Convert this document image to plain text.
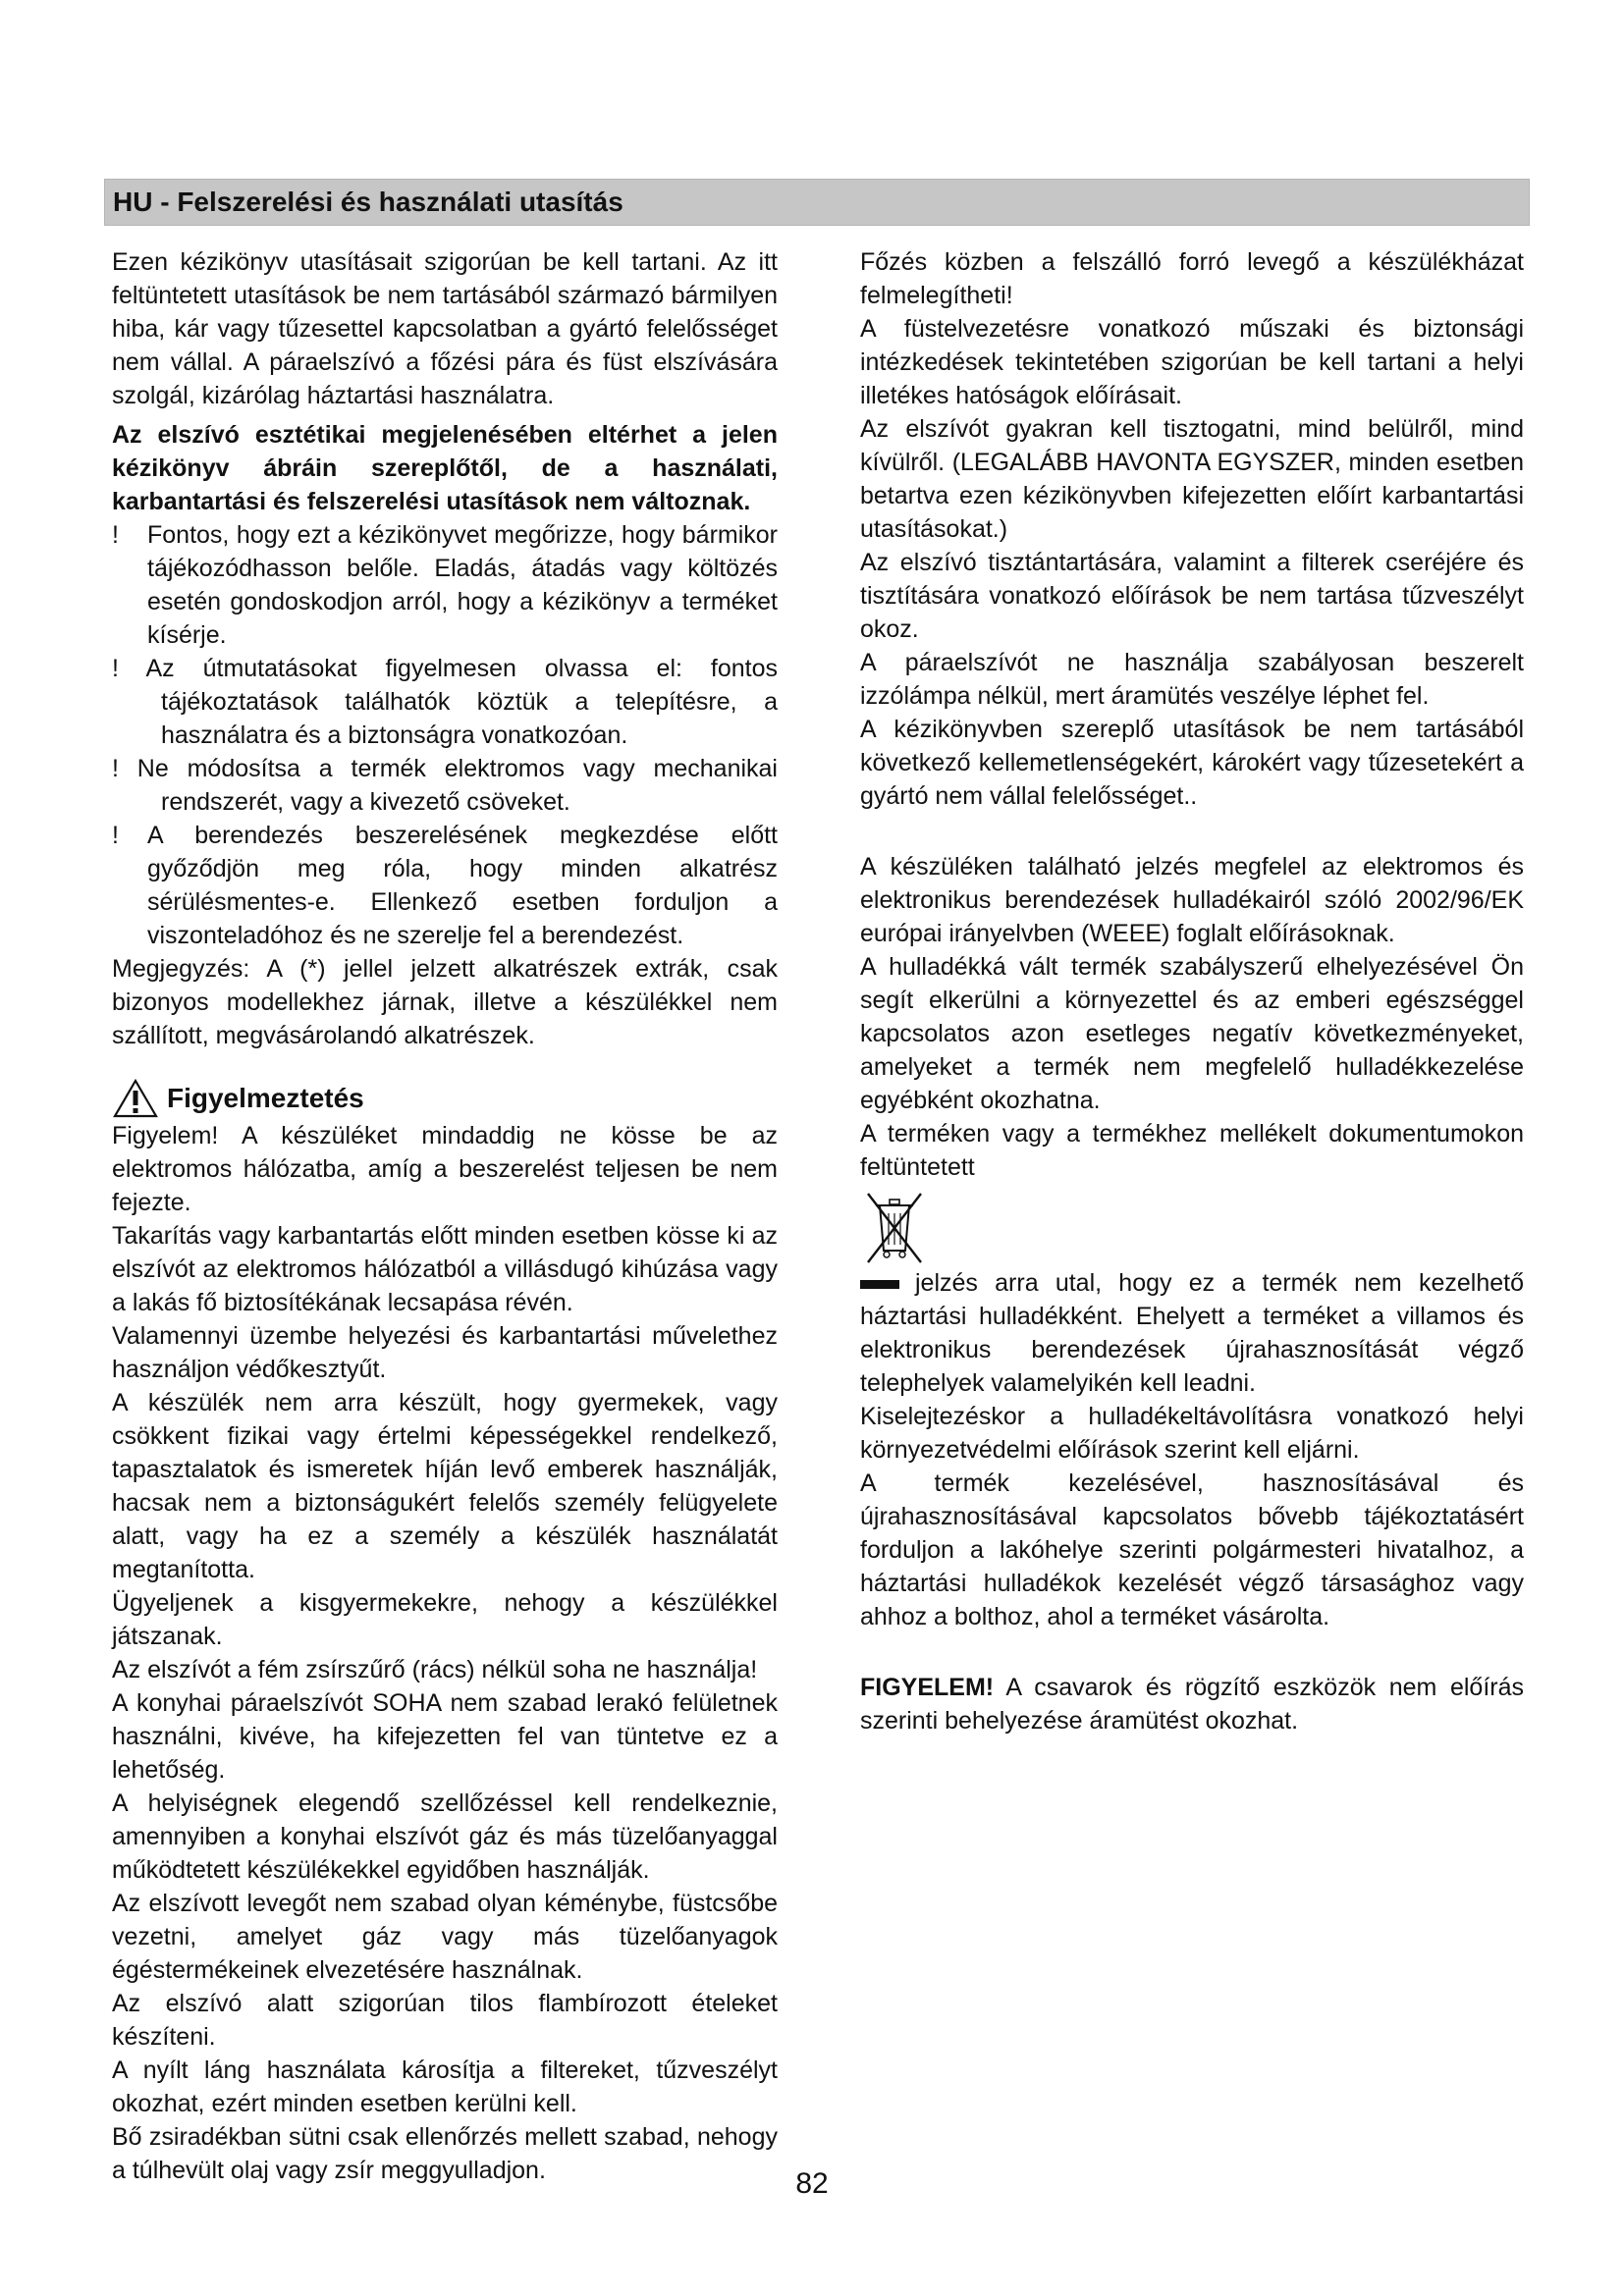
HU - Felszerelési és használati utasítás

Ezen kézikönyv utasításait szigorúan be kell tartani. Az itt feltüntetett utasítások be nem tartásából származó bármilyen hiba, kár vagy tűzesettel kapcsolatban a gyártó felelősséget nem vállal. A páraelszívó a főzési pára és füst elszívására szolgál, kizárólag háztartási használatra.

Az elszívó esztétikai megjelenésében eltérhet a jelen kézikönyv ábráin szereplőtől, de a használati, karbantartási és felszerelési utasítások nem változnak.

!	Fontos, hogy ezt a kézikönyvet megőrizze, hogy bármikor tájékozódhasson belőle. Eladás, átadás vagy költözés esetén gondoskodjon arról, hogy a kézikönyv a terméket kísérje.

! Az útmutatásokat figyelmesen olvassa el: fontos tájékoztatások találhatók köztük a telepítésre, a használatra és a biztonságra vonatkozóan.

! Ne módosítsa a termék elektromos vagy mechanikai rendszerét, vagy a kivezető csöveket.

!	A berendezés beszerelésének megkezdése előtt győződjön meg róla, hogy minden alkatrész sérülésmentes-e. Ellenkező esetben forduljon a viszonteladóhoz és ne szerelje fel a berendezést.

Megjegyzés: A (*) jellel jelzett alkatrészek extrák, csak bizonyos modellekhez járnak, illetve a készülékkel nem szállított, megvásárolandó alkatrészek.

Figyelmeztetés

Figyelem! A készüléket mindaddig ne kösse be az elektromos hálózatba, amíg a beszerelést teljesen be nem fejezte.

Takarítás vagy karbantartás előtt minden esetben kösse ki az elszívót az elektromos hálózatból a villásdugó kihúzása vagy a lakás fő biztosítékának lecsapása révén.

Valamennyi üzembe helyezési és karbantartási művelethez használjon védőkesztyűt.

A készülék nem arra készült, hogy gyermekek, vagy csökkent fizikai vagy értelmi képességekkel rendelkező, tapasztalatok és ismeretek híján levő emberek használják, hacsak nem a biztonságukért felelős személy felügyelete alatt, vagy ha ez a személy a készülék használatát megtanította.

Ügyeljenek a kisgyermekekre, nehogy a készülékkel játszanak.

Az elszívót a fém zsírszűrő (rács) nélkül soha ne használja!

A konyhai páraelszívót SOHA nem szabad lerakó felületnek használni, kivéve, ha kifejezetten fel van tüntetve ez a lehetőség.

A helyiségnek elegendő szellőzéssel kell rendelkeznie, amennyiben a konyhai elszívót gáz és más tüzelőanyaggal működtetett készülékekkel egyidőben használják.

Az elszívott levegőt nem szabad olyan kéménybe, füstcsőbe vezetni, amelyet gáz vagy más tüzelőanyagok égéstermékeinek elvezetésére használnak.

Az elszívó alatt szigorúan tilos flambírozott ételeket készíteni.

A nyílt láng használata károsítja a filtereket, tűzveszélyt okozhat, ezért minden esetben kerülni kell.

Bő zsiradékban sütni csak ellenőrzés mellett szabad, nehogy a túlhevült olaj vagy zsír meggyulladjon.

Főzés közben a felszálló forró levegő a készülékházat felmelegítheti!

A füstelvezetésre vonatkozó műszaki és biztonsági intézkedések tekintetében szigorúan be kell tartani a helyi illetékes hatóságok előírásait.

Az elszívót gyakran kell tisztogatni, mind belülről, mind kívülről. (LEGALÁBB HAVONTA EGYSZER, minden esetben betartva ezen kézikönyvben kifejezetten előírt karbantartási utasításokat.)

Az elszívó tisztántartására, valamint a filterek cseréjére és tisztítására vonatkozó előírások be nem tartása tűzveszélyt okoz.

A páraelszívót ne használja szabályosan beszerelt izzólámpa nélkül, mert áramütés veszélye léphet fel.

A kézikönyvben szereplő utasítások be nem tartásából következő kellemetlenségekért, károkért vagy tűzesetekért a gyártó nem vállal felelősséget..

A készüléken található jelzés megfelel az elektromos és elektronikus berendezések hulladékairól szóló 2002/96/EK európai irányelvben (WEEE) foglalt előírásoknak.

A hulladékká vált termék szabályszerű elhelyezésével Ön segít elkerülni a környezettel és az emberi egészséggel kapcsolatos azon esetleges negatív következményeket, amelyeket a termék nem megfelelő hulladékkezelése egyébként okozhatna.

A terméken vagy a termékhez mellékelt dokumentumokon feltüntetett

jelzés arra utal, hogy ez a termék nem kezelhető háztartási hulladékként. Ehelyett a terméket a villamos és elektronikus berendezések újrahasznosítását végző telephelyek valamelyikén kell leadni.

Kiselejtezéskor a hulladékeltávolításra vonatkozó helyi környezetvédelmi előírások szerint kell eljárni.

A termék kezelésével, hasznosításával és újrahasznosításával kapcsolatos bővebb tájékoztatásért forduljon a lakóhelye szerinti polgármesteri hivatalhoz, a háztartási hulladékok kezelését végző társasághoz vagy ahhoz a bolthoz, ahol a terméket vásárolta.

FIGYELEM! A csavarok és rögzítő eszközök nem előírás szerinti behelyezése áramütést okozhat.

82
